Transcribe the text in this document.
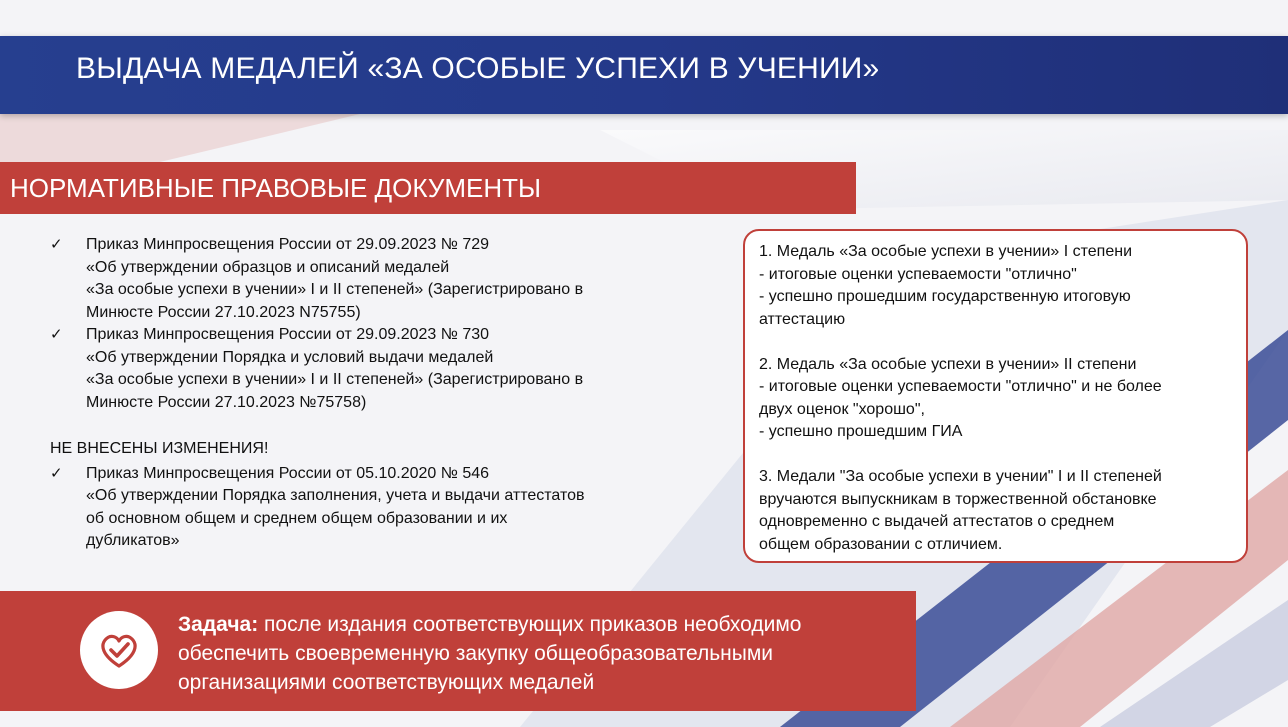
ВЫДАЧА МЕДАЛЕЙ «ЗА ОСОБЫЕ УСПЕХИ В УЧЕНИИ»
НОРМАТИВНЫЕ ПРАВОВЫЕ ДОКУМЕНТЫ
✓ Приказ Минпросвещения России от 29.09.2023 № 729
«Об утверждении образцов и описаний медалей
«За особые успехи в учении» I и II степеней» (Зарегистрировано в
Минюсте России 27.10.2023 N75755)
✓ Приказ Минпросвещения России от 29.09.2023 № 730
«Об утверждении Порядка и условий выдачи медалей
«За особые успехи в учении» I и II степеней» (Зарегистрировано в
Минюсте России 27.10.2023 №75758)
НЕ ВНЕСЕНЫ ИЗМЕНЕНИЯ!
✓ Приказ Минпросвещения России от 05.10.2020 № 546
«Об утверждении Порядка заполнения, учета и выдачи аттестатов
об основном общем и среднем общем образовании и их
дубликатов»
1. Медаль «За особые успехи в учении» I степени
- итоговые оценки успеваемости "отлично"
- успешно прошедшим государственную итоговую
аттестацию
2. Медаль «За особые успехи в учении» II степени
- итоговые оценки успеваемости "отлично" и не более
двух оценок "хорошо",
- успешно прошедшим ГИА
3. Медали "За особые успехи в учении" I и II степеней
вручаются выпускникам в торжественной обстановке
одновременно с выдачей аттестатов о среднем
общем образовании с отличием.
Задача: после издания соответствующих приказов необходимо
обеспечить своевременную закупку общеобразовательными
организациями соответствующих медалей
